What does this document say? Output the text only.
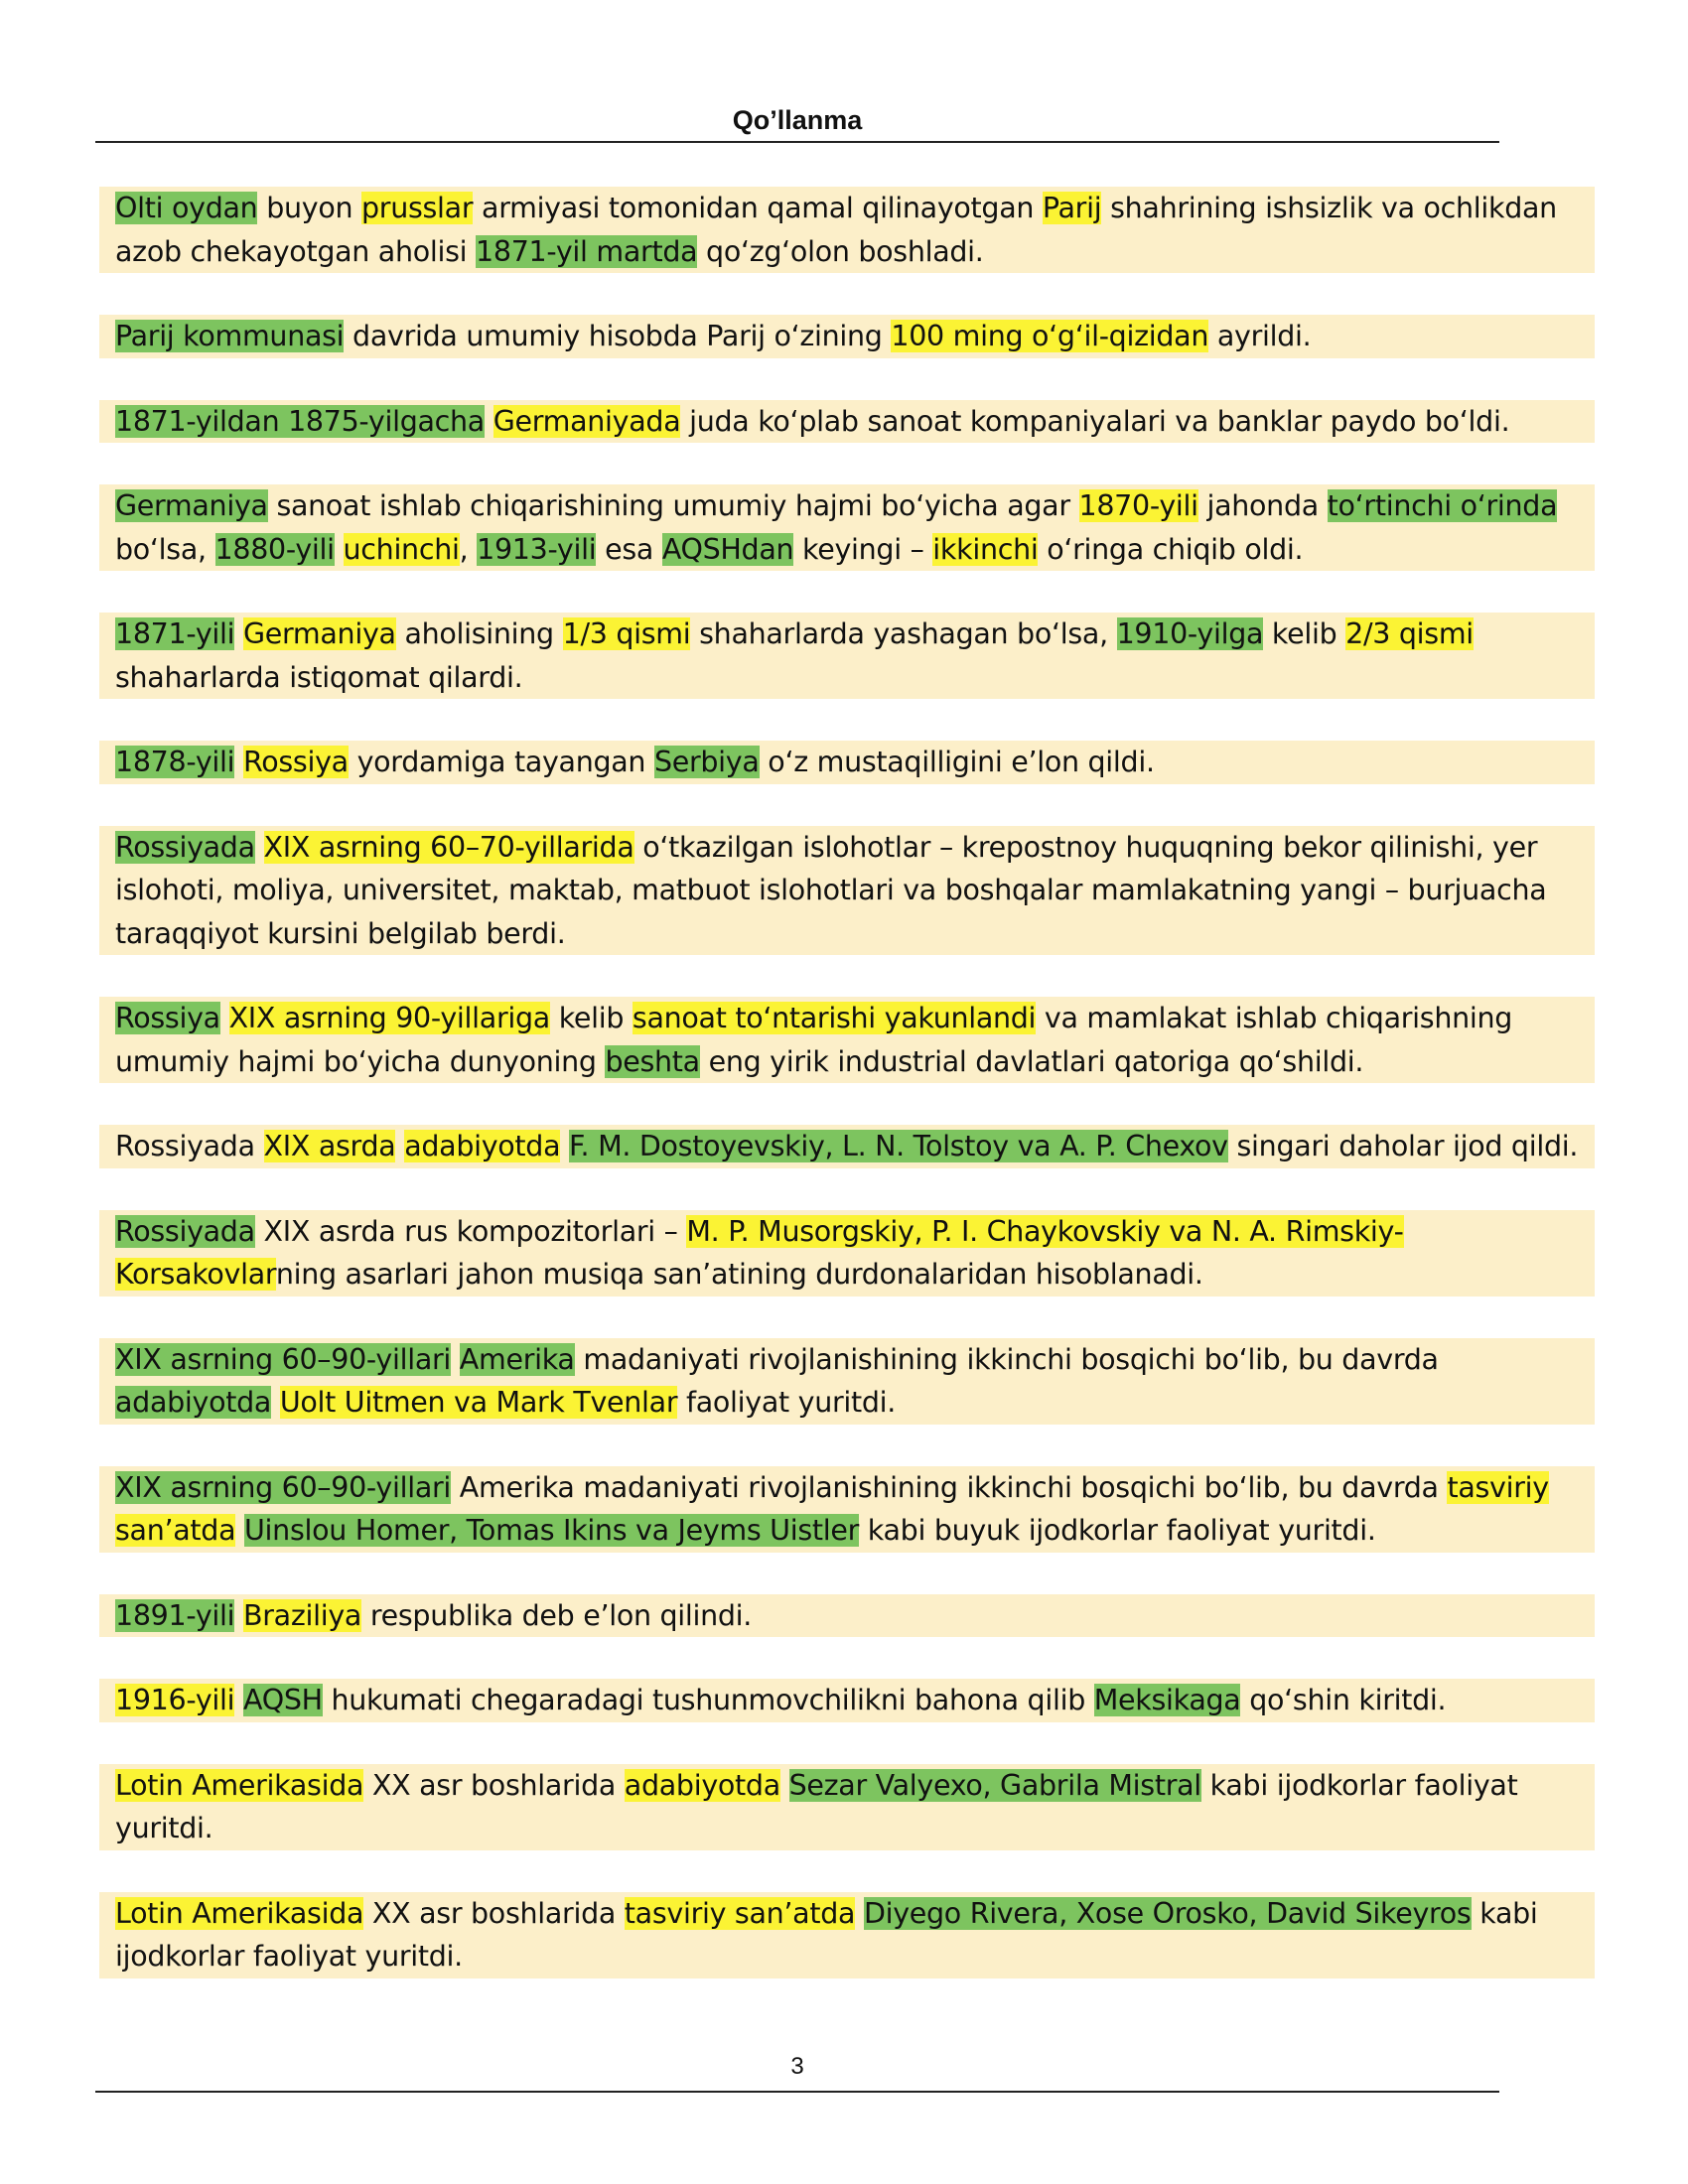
Qo’llanma
Olti oydan buyon prusslar armiyasi tomonidan qamal qilinayotgan Parij shahrining ishsizlik va ochlikdan azob chekayotgan aholisi 1871-yil martda qo‘zg‘olon boshladi.
Parij kommunasi davrida umumiy hisobda Parij o‘zining 100 ming o‘g‘il-qizidan ayrildi.
1871-yildan 1875-yilgacha Germaniyada juda ko‘plab sanoat kompaniyalari va banklar paydo bo‘ldi.
Germaniya sanoat ishlab chiqarishining umumiy hajmi bo‘yicha agar 1870-yili jahonda to‘rtinchi o‘rinda bo‘lsa, 1880-yili uchinchi, 1913-yili esa AQSHdan keyingi – ikkinchi o‘ringa chiqib oldi.
1871-yili Germaniya aholisining 1/3 qismi shaharlarda yashagan bo‘lsa, 1910-yilga kelib 2/3 qismi shaharlarda istiqomat qilardi.
1878-yili Rossiya yordamiga tayangan Serbiya o‘z mustaqilligini e’lon qildi.
Rossiyada XIX asrning 60–70-yillarida o‘tkazilgan islohotlar – krepostnoy huquqning bekor qilinishi, yer islohoti, moliya, universitet, maktab, matbuot islohotlari va boshqalar mamlakatning yangi – burjuacha taraqqiyot kursini belgilab berdi.
Rossiya XIX asrning 90-yillariga kelib sanoat to‘ntarishi yakunlandi va mamlakat ishlab chiqarishning umumiy hajmi bo‘yicha dunyoning beshta eng yirik industrial davlatlari qatoriga qo‘shildi.
Rossiyada XIX asrda adabiyotda F. M. Dostoyevskiy, L. N. Tolstoy va A. P. Chexov singari daholar ijod qildi.
Rossiyada XIX asrda rus kompozitorlari – M. P. Musorgskiy, P. I. Chaykovskiy va N. A. Rimskiy-Korsakovlarning asarlari jahon musiqa san’atining durdonalaridan hisoblanadi.
XIX asrning 60–90-yillari Amerika madaniyati rivojlanishining ikkinchi bosqichi bo‘lib, bu davrda adabiyotda Uolt Uitmen va Mark Tvenlar faoliyat yuritdi.
XIX asrning 60–90-yillari Amerika madaniyati rivojlanishining ikkinchi bosqichi bo‘lib, bu davrda tasviriy san’atda Uinslou Homer, Tomas Ikins va Jeyms Uistler kabi buyuk ijodkorlar faoliyat yuritdi.
1891-yili Braziliya respublika deb e’lon qilindi.
1916-yili AQSH hukumati chegaradagi tushunmovchilikni bahona qilib Meksikaga qo‘shin kiritdi.
Lotin Amerikasida XX asr boshlarida adabiyotda Sezar Valyexo, Gabrila Mistral kabi ijodkorlar faoliyat yuritdi.
Lotin Amerikasida XX asr boshlarida tasviriy san’atda Diyego Rivera, Xose Orosko, David Sikeyros kabi ijodkorlar faoliyat yuritdi.
3
